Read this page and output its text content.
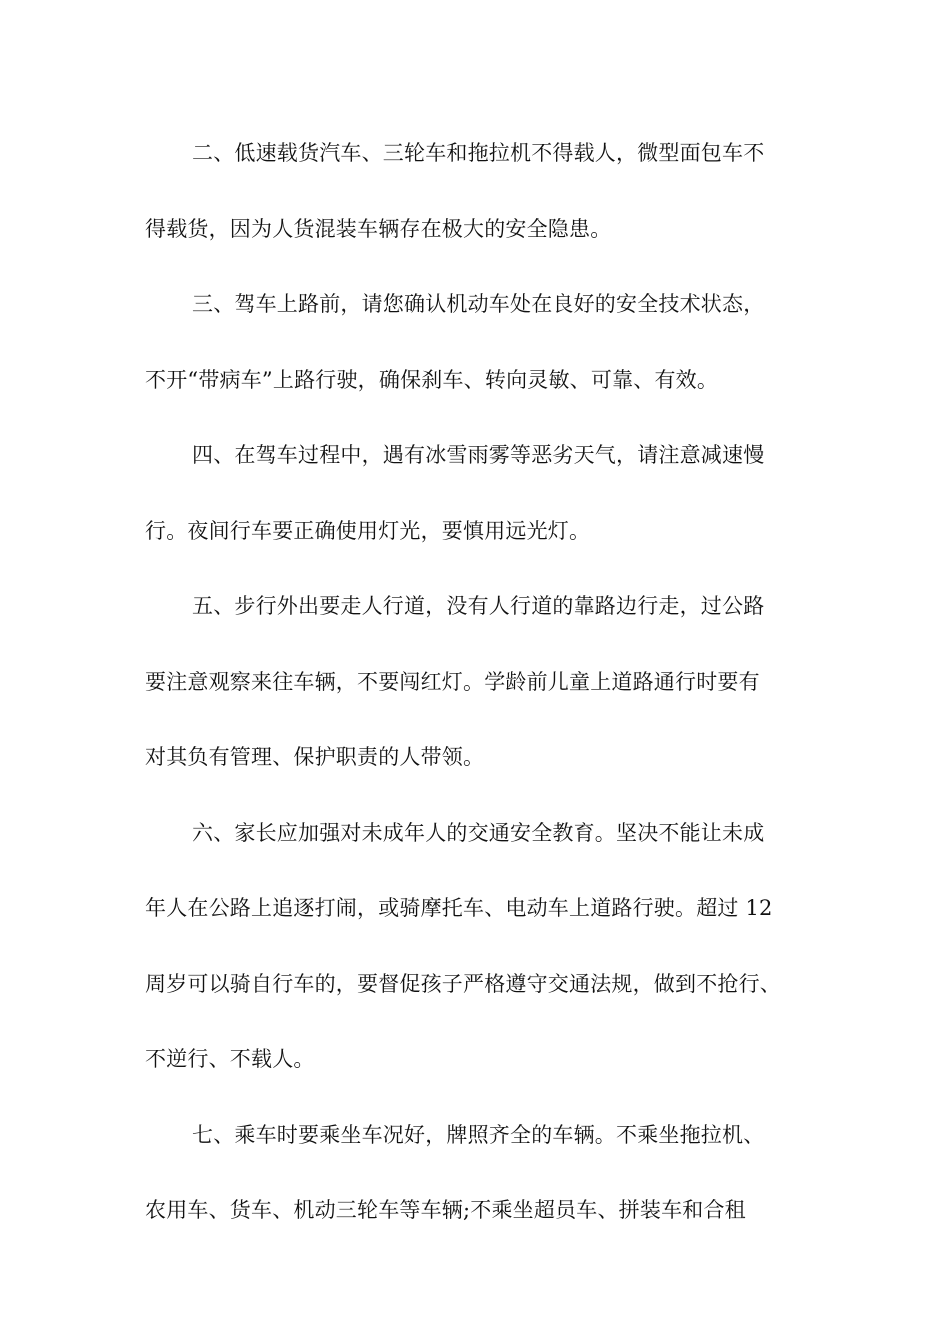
二、低速载货汽车、三轮车和拖拉机不得载人，微型面包车不
得载货，因为人货混装车辆存在极大的安全隐患。
三、驾车上路前，请您确认机动车处在良好的安全技术状态，
不开“带病车”上路行驶，确保刹车、转向灵敏、可靠、有效。
四、在驾车过程中，遇有冰雪雨雾等恶劣天气，请注意减速慢
行。夜间行车要正确使用灯光，要慎用远光灯。
五、步行外出要走人行道，没有人行道的靠路边行走，过公路
要注意观察来往车辆，不要闯红灯。学龄前儿童上道路通行时要有
对其负有管理、保护职责的人带领。
六、家长应加强对未成年人的交通安全教育。坚决不能让未成
年人在公路上追逐打闹，或骑摩托车、电动车上道路行驶。超过 12
周岁可以骑自行车的，要督促孩子严格遵守交通法规，做到不抢行、
不逆行、不载人。
七、乘车时要乘坐车况好，牌照齐全的车辆。不乘坐拖拉机、
农用车、货车、机动三轮车等车辆;不乘坐超员车、拼装车和合租
